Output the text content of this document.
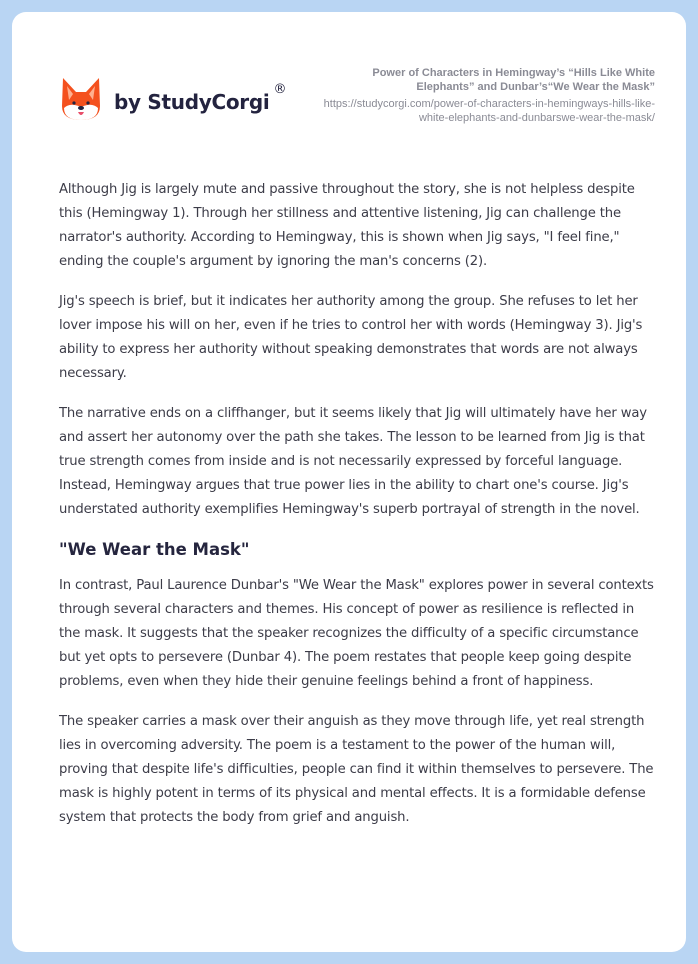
by StudyCorgi
®
Power of Characters in Hemingway’s “Hills Like White Elephants” and Dunbar’s“We Wear the Mask”
https://studycorgi.com/power-of-characters-in-hemingways-hills-like-white-elephants-and-dunbarswe-wear-the-mask/

Although Jig is largely mute and passive throughout the story, she is not helpless despite this (Hemingway 1). Through her stillness and attentive listening, Jig can challenge the narrator's authority. According to Hemingway, this is shown when Jig says, "I feel fine," ending the couple's argument by ignoring the man's concerns (2).

Jig's speech is brief, but it indicates her authority among the group. She refuses to let her lover impose his will on her, even if he tries to control her with words (Hemingway 3). Jig's ability to express her authority without speaking demonstrates that words are not always necessary.

The narrative ends on a cliffhanger, but it seems likely that Jig will ultimately have her way and assert her autonomy over the path she takes. The lesson to be learned from Jig is that true strength comes from inside and is not necessarily expressed by forceful language. Instead, Hemingway argues that true power lies in the ability to chart one's course. Jig's understated authority exemplifies Hemingway's superb portrayal of strength in the novel.

"We Wear the Mask"

In contrast, Paul Laurence Dunbar's "We Wear the Mask" explores power in several contexts through several characters and themes. His concept of power as resilience is reflected in the mask. It suggests that the speaker recognizes the difficulty of a specific circumstance but yet opts to persevere (Dunbar 4). The poem restates that people keep going despite problems, even when they hide their genuine feelings behind a front of happiness.

The speaker carries a mask over their anguish as they move through life, yet real strength lies in overcoming adversity. The poem is a testament to the power of the human will, proving that despite life's difficulties, people can find it within themselves to persevere. The mask is highly potent in terms of its physical and mental effects. It is a formidable defense system that protects the body from grief and anguish.
